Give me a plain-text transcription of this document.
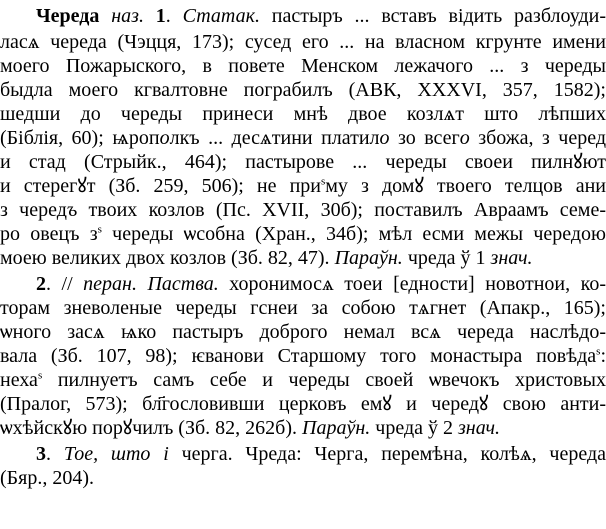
Череда наз. 1. Статак. пастыръ ... вставъ відить разблоуди-
ласѧ череда (Чэцця, 173); сусед его ... на власном кгрунте имени
моего Пожарыского, в повете Менском лежачого ... з череды
быдла моего кгвалтовне пограбилъ (АВК, XXXVI, 357, 1582);
шедши до череды принеси мнѣ двое козлѧт што лѣпших
(Біблія, 60); ѩрополкъ ... десѧтини платило зо всего збожа, з черед
и стад (Стрыйк., 464); пастырове ... череды своеи пилнꙋют
и стерегꙋт (Зб. 259, 506); не при$^s$му з домꙋ твоего телцов ани
з чередъ твоих козлов (Пс. XVII, 30б); поставилъ Авраамъ семе-
ро овецъ $з^s$ череды ѡсобна (Хран., 34б); мѣл есми межы чередою
моею великих двох козлов (Зб. 82, 47). Параўн. чреда ў 1 знач.
2. // перан. Паства. хоронимосѧ тоеи [едности] новотнои, ко-
торам зневоленые череды гснеи за собою тѧгнет (Апакр., 165);
ѡного засѧ ѩко пастыръ доброго немал всѧ череда наслѣдо-
вала (Зб. 107, 98); ѥванови Старшому того монастыра повѣда$^s$:
неха$^s$ пилнуетъ самъ себе и череды своей ѡвечокъ христовых
(Пралог, 573); бл҃гословивши церковъ емꙋ и чередꙋ свою анти-
ѡхѣйскꙋю порꙋчилъ (Зб. 82, 262б). Параўн. чреда ў 2 знач.
3. Тое, што і черга. Чреда: Черга, перемѣна, колѣѧ, череда
(Бяр., 204).
